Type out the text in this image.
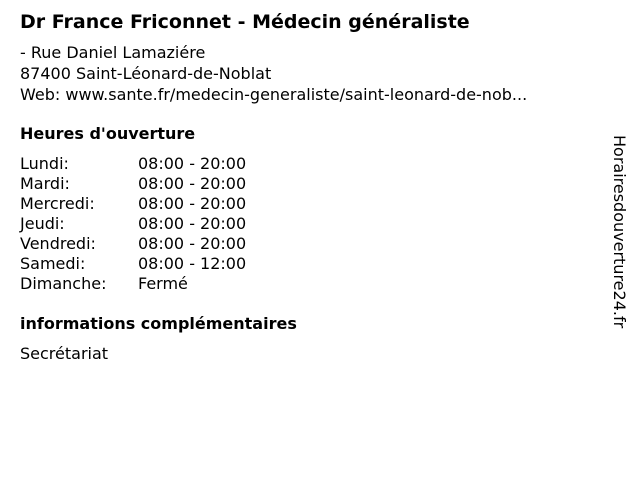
Dr France Friconnet - Médecin généraliste
- Rue Daniel Lamaziére
87400 Saint-Léonard-de-Noblat
Web: www.sante.fr/medecin-generaliste/saint-leonard-de-nob...
Heures d'ouverture
Lundi:	08:00 - 20:00
Mardi:	08:00 - 20:00
Mercredi:	08:00 - 20:00
Jeudi:	08:00 - 20:00
Vendredi:	08:00 - 20:00
Samedi:	08:00 - 12:00
Dimanche: Fermé
informations complémentaires
Secrétariat
Horairesdouverture24.fr
